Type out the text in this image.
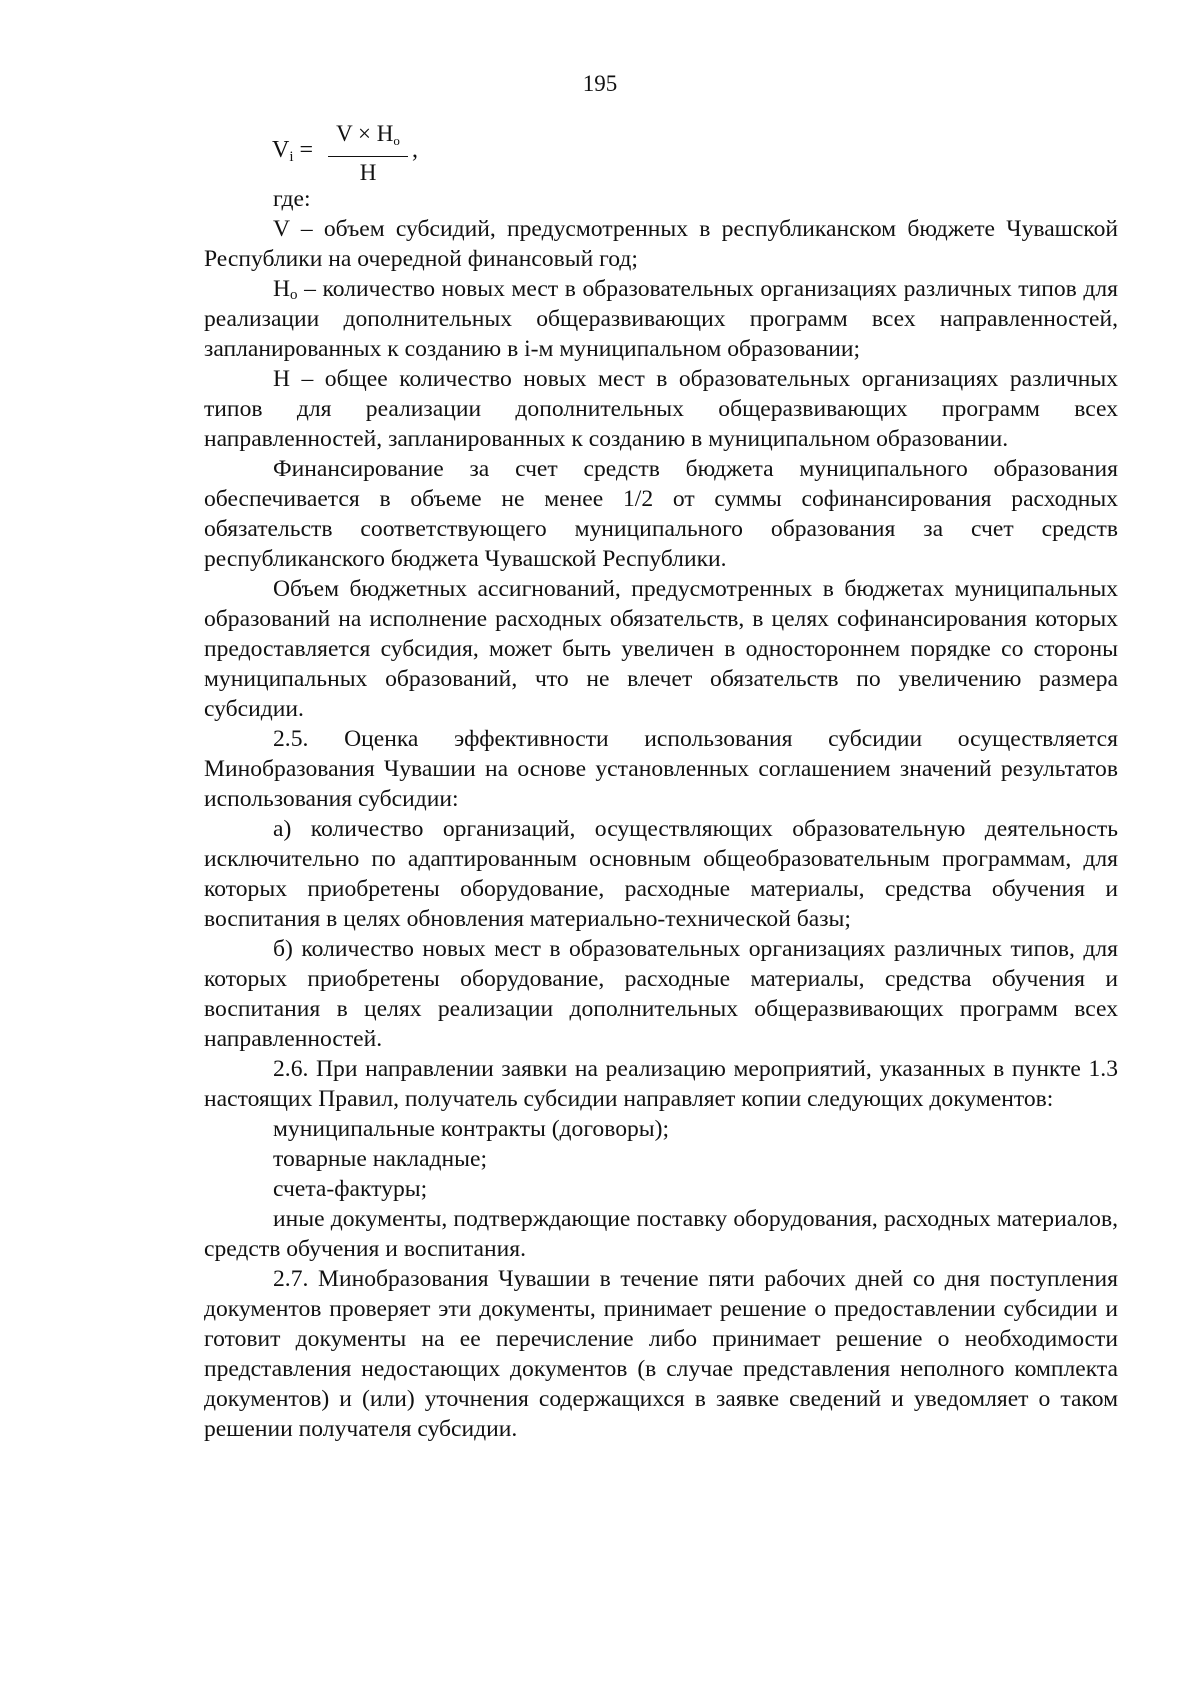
195
$V_i$ =
$V \times H_o$
H
,

где:

V – объем субсидий, предусмотренных в республиканском бюджете Чувашской Республики на очередной финансовый год;

$H_o$ – количество новых мест в образовательных организациях различных типов для реализации дополнительных общеразвивающих программ всех направленностей, запланированных к созданию в i-м муниципальном образовании;

H – общее количество новых мест в образовательных организациях различных типов для реализации дополнительных общеразвивающих программ всех направленностей, запланированных к созданию в муниципальном образовании.

Финансирование за счет средств бюджета муниципального образования обеспечивается в объеме не менее 1/2 от суммы софинансирования расходных обязательств соответствующего муниципального образования за счет средств республиканского бюджета Чувашской Республики.

Объем бюджетных ассигнований, предусмотренных в бюджетах муниципальных образований на исполнение расходных обязательств, в целях софинансирования которых предоставляется субсидия, может быть увеличен в одностороннем порядке со стороны муниципальных образований, что не влечет обязательств по увеличению размера субсидии.

2.5. Оценка эффективности использования субсидии осуществляется Минобразования Чувашии на основе установленных соглашением значений результатов использования субсидии:

а) количество организаций, осуществляющих образовательную деятельность исключительно по адаптированным основным общеобразовательным программам, для которых приобретены оборудование, расходные материалы, средства обучения и воспитания в целях обновления материально-технической базы;

б) количество новых мест в образовательных организациях различных типов, для которых приобретены оборудование, расходные материалы, средства обучения и воспитания в целях реализации дополнительных общеразвивающих программ всех направленностей.

2.6. При направлении заявки на реализацию мероприятий, указанных в пункте 1.3 настоящих Правил, получатель субсидии направляет копии следующих документов:

муниципальные контракты (договоры);

товарные накладные;

счета-фактуры;

иные документы, подтверждающие поставку оборудования, расходных материалов, средств обучения и воспитания.

2.7. Минобразования Чувашии в течение пяти рабочих дней со дня поступления документов проверяет эти документы, принимает решение о предоставлении субсидии и готовит документы на ее перечисление либо принимает решение о необходимости представления недостающих документов (в случае представления неполного комплекта документов) и (или) уточнения содержащихся в заявке сведений и уведомляет о таком решении получателя субсидии.
